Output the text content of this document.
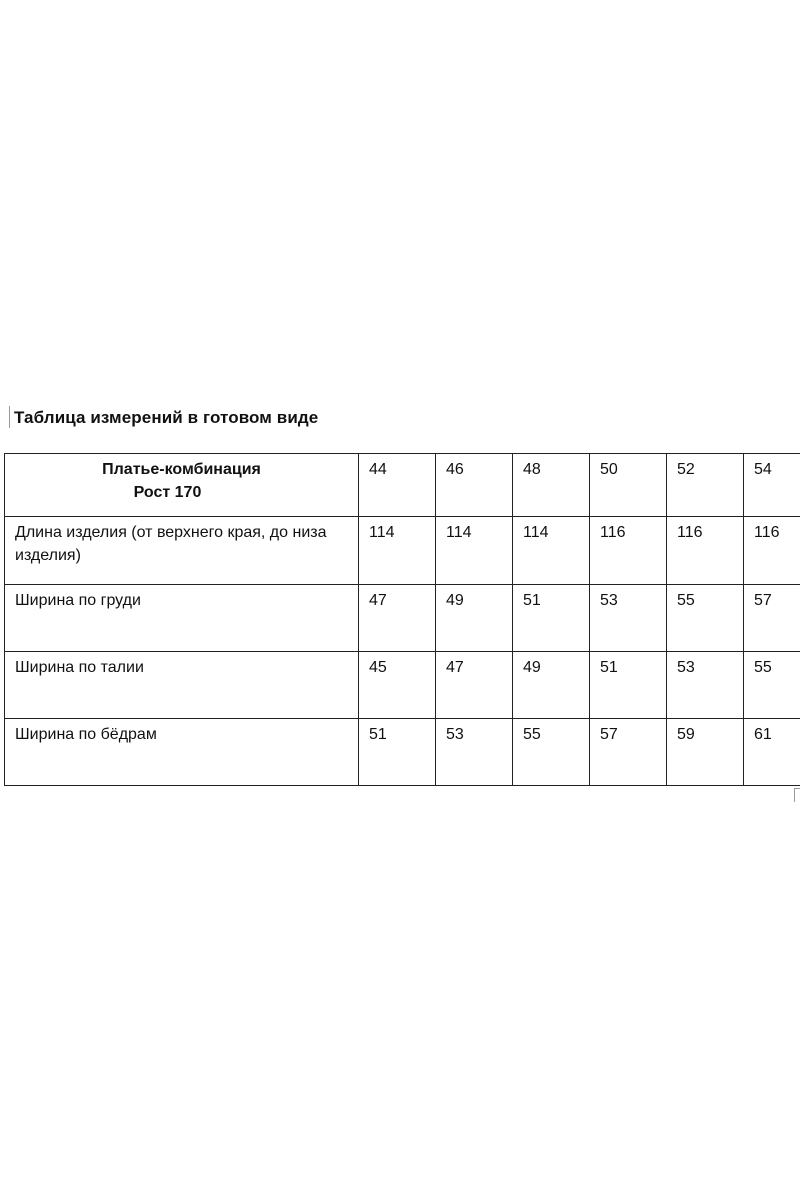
Таблица измерений в готовом виде
Платье-комбинация
Рост 170	44	46	48	50	52	54
Длина изделия (от верхнего края, до низа изделия)	114	114	114	116	116	116
Ширина по груди	47	49	51	53	55	57
Ширина по талии	45	47	49	51	53	55
Ширина по бёдрам	51	53	55	57	59	61
